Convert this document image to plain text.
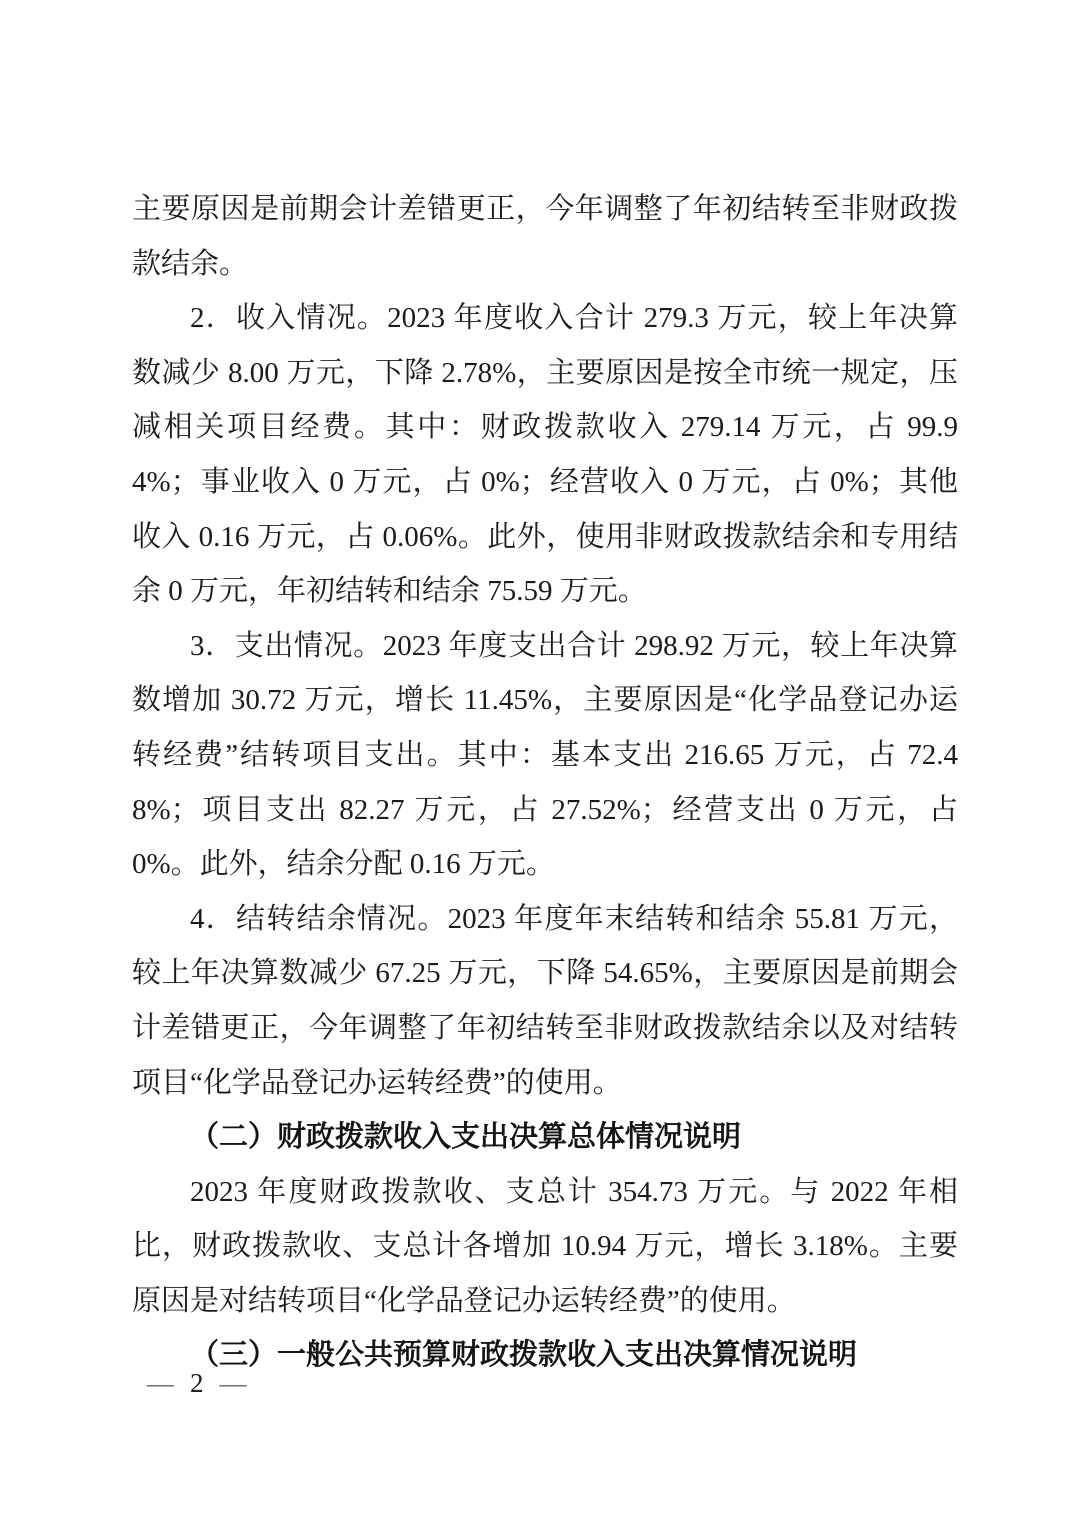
主要原因是前期会计差错更正，今年调整了年初结转至非财政拨款结余。

2．收入情况。2023 年度收入合计 279.3 万元，较上年决算数减少 8.00 万元，下降 2.78%，主要原因是按全市统一规定，压减相关项目经费。其中：财政拨款收入 279.14 万元，占 99.94%；事业收入 0 万元，占 0%；经营收入 0 万元，占 0%；其他收入 0.16 万元，占 0.06%。此外，使用非财政拨款结余和专用结余 0 万元，年初结转和结余 75.59 万元。

3．支出情况。2023 年度支出合计 298.92 万元，较上年决算数增加 30.72 万元，增长 11.45%，主要原因是“化学品登记办运转经费”结转项目支出。其中：基本支出 216.65 万元，占 72.48%；项目支出 82.27 万元，占 27.52%；经营支出 0 万元，占 0%。此外，结余分配 0.16 万元。

4．结转结余情况。2023 年度年末结转和结余 55.81 万元，较上年决算数减少 67.25 万元，下降 54.65%，主要原因是前期会计差错更正，今年调整了年初结转至非财政拨款结余以及对结转项目“化学品登记办运转经费”的使用。

（二）财政拨款收入支出决算总体情况说明

2023 年度财政拨款收、支总计 354.73 万元。与 2022 年相比，财政拨款收、支总计各增加 10.94 万元，增长 3.18%。主要原因是对结转项目“化学品登记办运转经费”的使用。

（三）一般公共预算财政拨款收入支出决算情况说明
— 2 —
